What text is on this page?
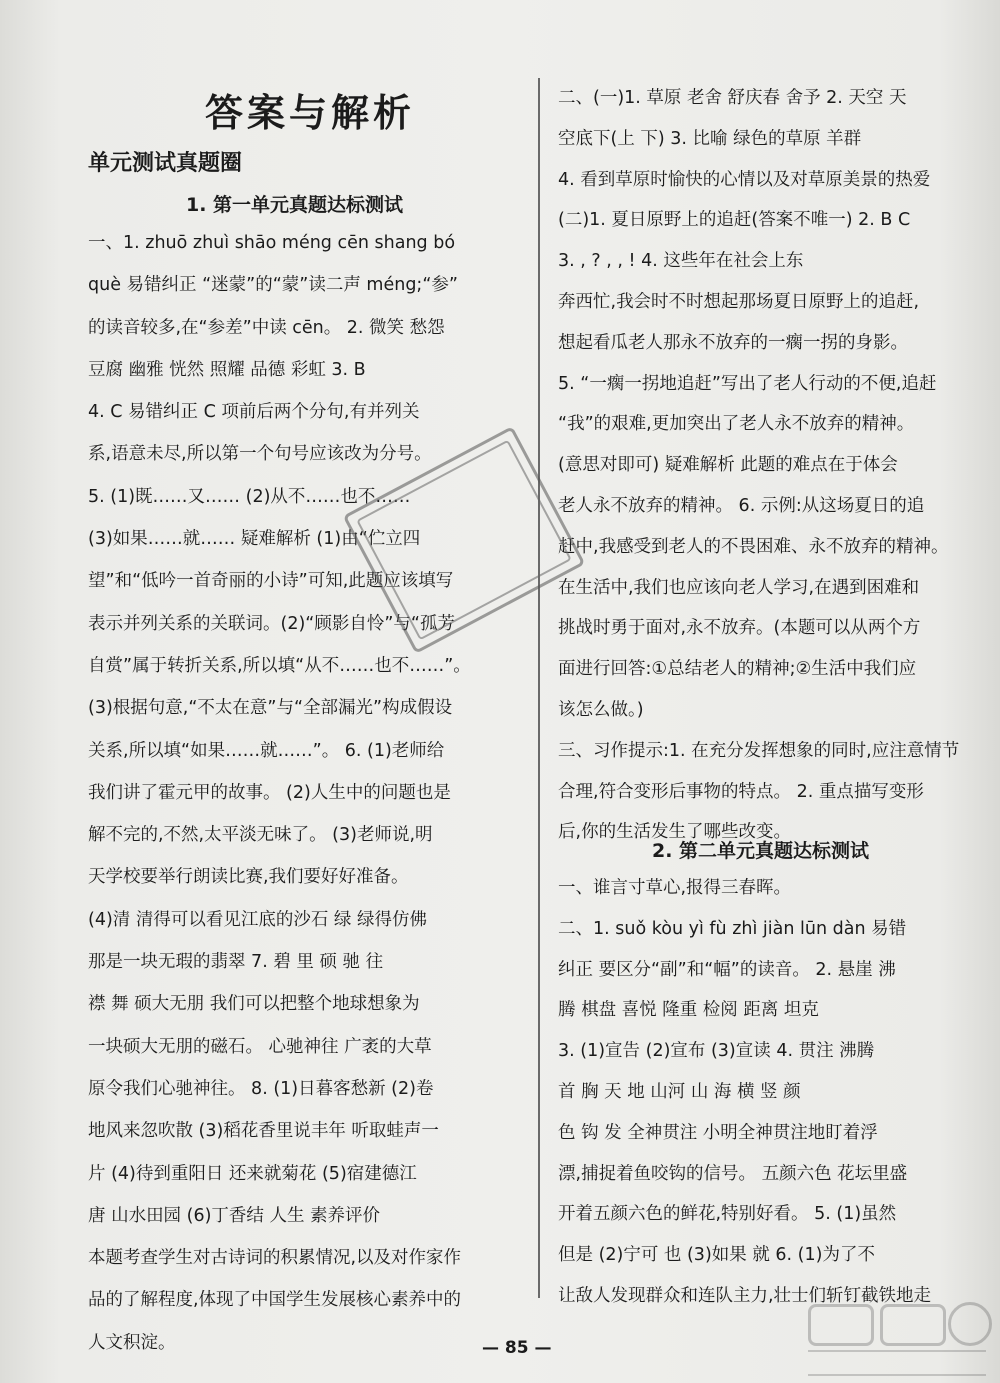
答案与解析
单元测试真题圈
1. 第一单元真题达标测试
一、1. zhuō zhuì shāo méng cēn shang bó
què 易错纠正 “迷蒙”的“蒙”读二声 méng;“参”
的读音较多,在“参差”中读 cēn。 2. 微笑 愁怨
豆腐 幽雅 恍然 照耀 品德 彩虹 3. B
4. C 易错纠正 C 项前后两个分句,有并列关
系,语意未尽,所以第一个句号应该改为分号。
5. (1)既……又…… (2)从不……也不……
(3)如果……就…… 疑难解析 (1)由“伫立四
望”和“低吟一首奇丽的小诗”可知,此题应该填写
表示并列关系的关联词。(2)“顾影自怜”与“孤芳
自赏”属于转折关系,所以填“从不……也不……”。
(3)根据句意,“不太在意”与“全部漏光”构成假设
关系,所以填“如果……就……”。 6. (1)老师给
我们讲了霍元甲的故事。 (2)人生中的问题也是
解不完的,不然,太平淡无味了。 (3)老师说,明
天学校要举行朗读比赛,我们要好好准备。
(4)清 清得可以看见江底的沙石 绿 绿得仿佛
那是一块无瑕的翡翠 7. 碧 里 硕 驰 往
襟 舞 硕大无朋 我们可以把整个地球想象为
一块硕大无朋的磁石。 心驰神往 广袤的大草
原令我们心驰神往。 8. (1)日暮客愁新 (2)卷
地风来忽吹散 (3)稻花香里说丰年 听取蛙声一
片 (4)待到重阳日 还来就菊花 (5)宿建德江
唐 山水田园 (6)丁香结 人生 素养评价
本题考查学生对古诗词的积累情况,以及对作家作
品的了解程度,体现了中国学生发展核心素养中的
人文积淀。
二、(一)1. 草原 老舍 舒庆春 舍予 2. 天空 天
空底下(上 下) 3. 比喻 绿色的草原 羊群
4. 看到草原时愉快的心情以及对草原美景的热爱
(二)1. 夏日原野上的追赶(答案不唯一) 2. B C
3. , ? , , ! 4. 这些年在社会上东
奔西忙,我会时不时想起那场夏日原野上的追赶,
想起看瓜老人那永不放弃的一瘸一拐的身影。
5. “一瘸一拐地追赶”写出了老人行动的不便,追赶
“我”的艰难,更加突出了老人永不放弃的精神。
(意思对即可) 疑难解析 此题的难点在于体会
老人永不放弃的精神。 6. 示例:从这场夏日的追
赶中,我感受到老人的不畏困难、永不放弃的精神。
在生活中,我们也应该向老人学习,在遇到困难和
挑战时勇于面对,永不放弃。(本题可以从两个方
面进行回答:①总结老人的精神;②生活中我们应
该怎么做。)
三、习作提示:1. 在充分发挥想象的同时,应注意情节
合理,符合变形后事物的特点。 2. 重点描写变形
后,你的生活发生了哪些改变。
2. 第二单元真题达标测试
一、谁言寸草心,报得三春晖。
二、1. suǒ kòu yì fù zhì jiàn lūn dàn 易错
纠正 要区分“副”和“幅”的读音。 2. 悬崖 沸
腾 棋盘 喜悦 隆重 检阅 距离 坦克
3. (1)宣告 (2)宣布 (3)宣读 4. 贯注 沸腾
首 胸 天 地 山河 山 海 横 竖 颜
色 钩 发 全神贯注 小明全神贯注地盯着浮
漂,捕捉着鱼咬钩的信号。 五颜六色 花坛里盛
开着五颜六色的鲜花,特别好看。 5. (1)虽然
但是 (2)宁可 也 (3)如果 就 6. (1)为了不
让敌人发现群众和连队主力,壮士们斩钉截铁地走
— 85 —
